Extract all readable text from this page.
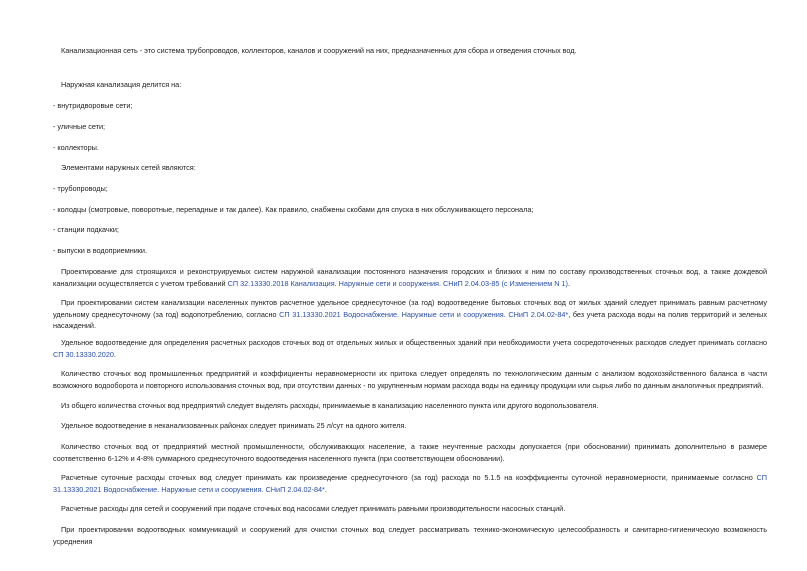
Канализационная сеть - это система трубопроводов, коллекторов, каналов и сооружений на них, предназначенных для сбора и отведения сточных вод.

Наружная канализация делится на:

- внутридворовые сети;

- уличные сети;

- коллекторы.

Элементами наружных сетей являются:

- трубопроводы;

- колодцы (смотровые, поворотные, перепадные и так далее). Как правило, снабжены скобами для спуска в них обслуживающего персонала;

- станции подкачки;

- выпуски в водоприемники.

Проектирование для строящихся и реконструируемых систем наружной канализации постоянного назначения городских и близких к ним по составу производственных сточных вод, а также дождевой канализации осуществляется с учетом требований СП 32.13330.2018 Канализация. Наружные сети и сооружения. СНиП 2.04.03-85 (с Изменением N 1).

При проектировании систем канализации населенных пунктов расчетное удельное среднесуточное (за год) водоотведение бытовых сточных вод от жилых зданий следует принимать равным расчетному удельному среднесуточному (за год) водопотреблению, согласно СП 31.13330.2021 Водоснабжение. Наружные сети и сооружения. СНиП 2.04.02-84*, без учета расхода воды на полив территорий и зеленых насаждений.

Удельное водоотведение для определения расчетных расходов сточных вод от отдельных жилых и общественных зданий при необходимости учета сосредоточенных расходов следует принимать согласно СП 30.13330.2020.

Количество сточных вод промышленных предприятий и коэффициенты неравномерности их притока следует определять по технологическим данным с анализом водохозяйственного баланса в части возможного водооборота и повторного использования сточных вод, при отсутствии данных - по укрупненным нормам расхода воды на единицу продукции или сырья либо по данным аналогичных предприятий.

Из общего количества сточных вод предприятий следует выделять расходы, принимаемые в канализацию населенного пункта или другого водопользователя.

Удельное водоотведение в неканализованных районах следует принимать 25 л/сут на одного жителя.

Количество сточных вод от предприятий местной промышленности, обслуживающих население, а также неучтенные расходы допускается (при обосновании) принимать дополнительно в размере соответственно 6-12% и 4-8% суммарного среднесуточного водоотведения населенного пункта (при соответствующем обосновании).

Расчетные суточные расходы сточных вод следует принимать как произведение среднесуточного (за год) расхода по 5.1.5 на коэффициенты суточной неравномерности, принимаемые согласно СП 31.13330.2021 Водоснабжение. Наружные сети и сооружения. СНиП 2.04.02-84*.

Расчетные расходы для сетей и сооружений при подаче сточных вод насосами следует принимать равными производительности насосных станций.

При проектировании водоотводных коммуникаций и сооружений для очистки сточных вод следует рассматривать технико-экономическую целесообразность и санитарно-гигиеническую возможность усреднения
